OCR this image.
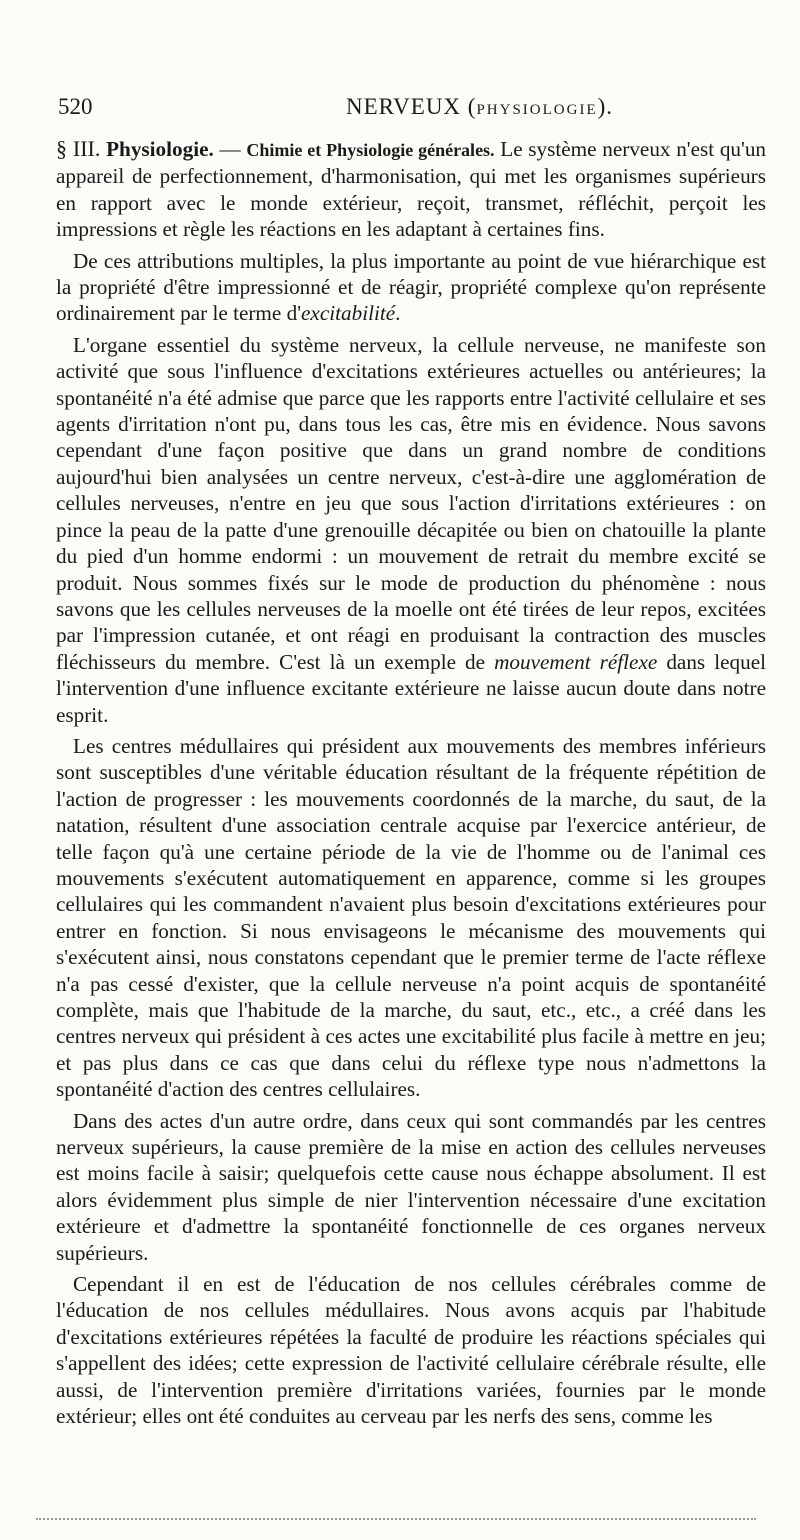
520	NERVEUX (PHYSIOLOGIE).

§ III. Physiologie. — Chimie et Physiologie générales. Le système nerveux n'est qu'un appareil de perfectionnement, d'harmonisation, qui met les organismes supérieurs en rapport avec le monde extérieur, reçoit, transmet, réfléchit, perçoit les impressions et règle les réactions en les adaptant à certaines fins.

De ces attributions multiples, la plus importante au point de vue hiérarchique est la propriété d'être impressionné et de réagir, propriété complexe qu'on représente ordinairement par le terme d'excitabilité.

L'organe essentiel du système nerveux, la cellule nerveuse, ne manifeste son activité que sous l'influence d'excitations extérieures actuelles ou antérieures; la spontanéité n'a été admise que parce que les rapports entre l'activité cellulaire et ses agents d'irritation n'ont pu, dans tous les cas, être mis en évidence. Nous savons cependant d'une façon positive que dans un grand nombre de conditions aujourd'hui bien analysées un centre nerveux, c'est-à-dire une agglomération de cellules nerveuses, n'entre en jeu que sous l'action d'irritations extérieures : on pince la peau de la patte d'une grenouille décapitée ou bien on chatouille la plante du pied d'un homme endormi : un mouvement de retrait du membre excité se produit. Nous sommes fixés sur le mode de production du phénomène : nous savons que les cellules nerveuses de la moelle ont été tirées de leur repos, excitées par l'impression cutanée, et ont réagi en produisant la contraction des muscles fléchisseurs du membre. C'est là un exemple de mouvement réflexe dans lequel l'intervention d'une influence excitante extérieure ne laisse aucun doute dans notre esprit.

Les centres médullaires qui président aux mouvements des membres inférieurs sont susceptibles d'une véritable éducation résultant de la fréquente répétition de l'action de progresser : les mouvements coordonnés de la marche, du saut, de la natation, résultent d'une association centrale acquise par l'exercice antérieur, de telle façon qu'à une certaine période de la vie de l'homme ou de l'animal ces mouvements s'exécutent automatiquement en apparence, comme si les groupes cellulaires qui les commandent n'avaient plus besoin d'excitations extérieures pour entrer en fonction. Si nous envisageons le mécanisme des mouvements qui s'exécutent ainsi, nous constatons cependant que le premier terme de l'acte réflexe n'a pas cessé d'exister, que la cellule nerveuse n'a point acquis de spontanéité complète, mais que l'habitude de la marche, du saut, etc., etc., a créé dans les centres nerveux qui président à ces actes une excitabilité plus facile à mettre en jeu; et pas plus dans ce cas que dans celui du réflexe type nous n'admettons la spontanéité d'action des centres cellulaires.

Dans des actes d'un autre ordre, dans ceux qui sont commandés par les centres nerveux supérieurs, la cause première de la mise en action des cellules nerveuses est moins facile à saisir; quelquefois cette cause nous échappe absolument. Il est alors évidemment plus simple de nier l'intervention nécessaire d'une excitation extérieure et d'admettre la spontanéité fonctionnelle de ces organes nerveux supérieurs.

Cependant il en est de l'éducation de nos cellules cérébrales comme de l'éducation de nos cellules médullaires. Nous avons acquis par l'habitude d'excitations extérieures répétées la faculté de produire les réactions spéciales qui s'appellent des idées; cette expression de l'activité cellulaire cérébrale résulte, elle aussi, de l'intervention première d'irritations variées, fournies par le monde extérieur; elles ont été conduites au cerveau par les nerfs des sens, comme les
